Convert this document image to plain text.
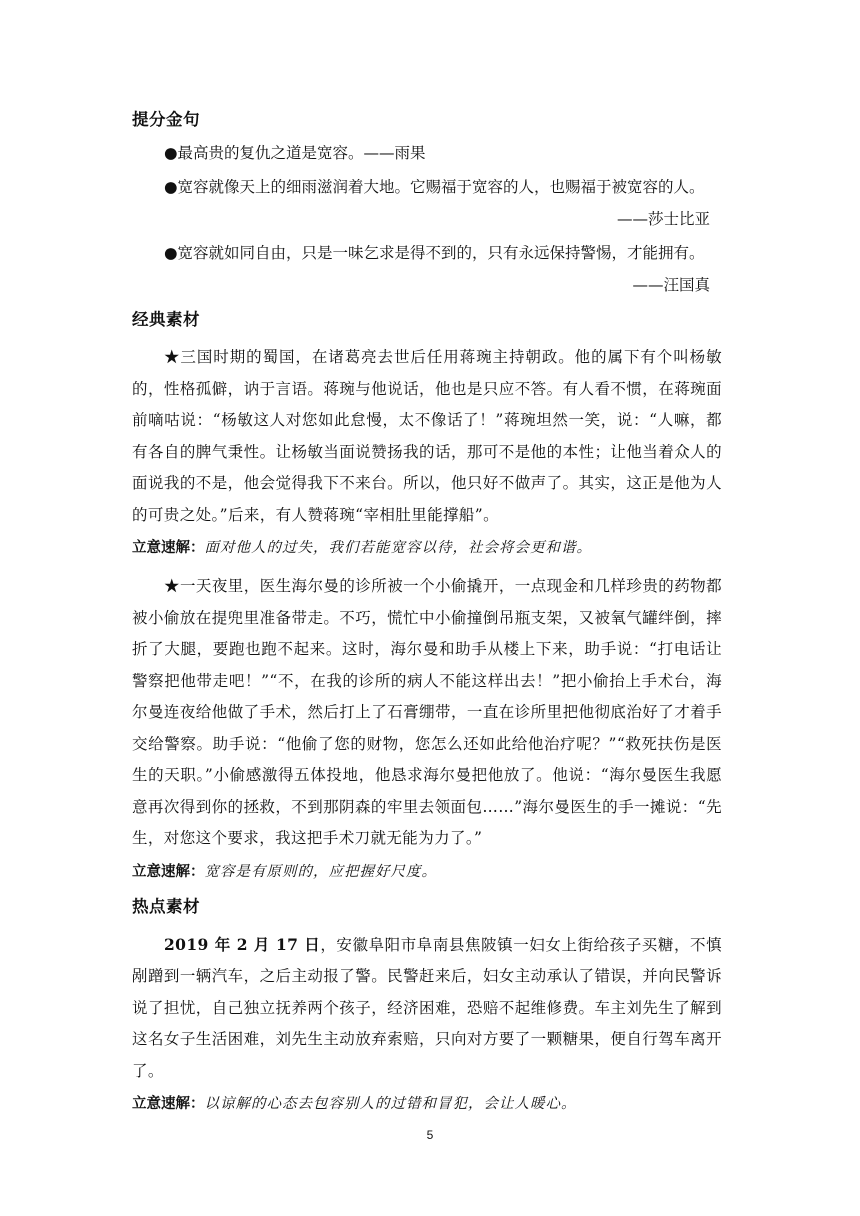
提分金句
●最高贵的复仇之道是宽容。——雨果
●宽容就像天上的细雨滋润着大地。它赐福于宽容的人，也赐福于被宽容的人。
——莎士比亚
●宽容就如同自由，只是一味乞求是得不到的，只有永远保持警惕，才能拥有。
——汪国真
经典素材
★三国时期的蜀国，在诸葛亮去世后任用蒋琬主持朝政。他的属下有个叫杨敏的，性格孤僻，讷于言语。蒋琬与他说话，他也是只应不答。有人看不惯，在蒋琬面前嘀咕说：“杨敏这人对您如此怠慢，太不像话了！”蒋琬坦然一笑，说：“人嘛，都有各自的脾气秉性。让杨敏当面说赞扬我的话，那可不是他的本性；让他当着众人的面说我的不是，他会觉得我下不来台。所以，他只好不做声了。其实，这正是他为人的可贵之处。”后来，有人赞蒋琬“宰相肚里能撑船”。
立意速解：面对他人的过失，我们若能宽容以待，社会将会更和谐。
★一天夜里，医生海尔曼的诊所被一个小偷撬开，一点现金和几样珍贵的药物都被小偷放在提兜里准备带走。不巧，慌忙中小偷撞倒吊瓶支架，又被氧气罐绊倒，摔折了大腿，要跑也跑不起来。这时，海尔曼和助手从楼上下来，助手说：“打电话让警察把他带走吧！”“不，在我的诊所的病人不能这样出去！”把小偷抬上手术台，海尔曼连夜给他做了手术，然后打上了石膏绷带，一直在诊所里把他彻底治好了才着手交给警察。助手说：“他偷了您的财物，您怎么还如此给他治疗呢？”“救死扶伤是医生的天职。”小偷感激得五体投地，他恳求海尔曼把他放了。他说：“海尔曼医生我愿意再次得到你的拯救，不到那阴森的牢里去领面包……”海尔曼医生的手一摊说：“先生，对您这个要求，我这把手术刀就无能为力了。”
立意速解：宽容是有原则的，应把握好尺度。
热点素材
2019 年 2 月 17 日，安徽阜阳市阜南县焦陂镇一妇女上街给孩子买糖，不慎剐蹭到一辆汽车，之后主动报了警。民警赶来后，妇女主动承认了错误，并向民警诉说了担忧，自己独立抚养两个孩子，经济困难，恐赔不起维修费。车主刘先生了解到这名女子生活困难，刘先生主动放弃索赔，只向对方要了一颗糖果，便自行驾车离开了。
立意速解：以谅解的心态去包容别人的过错和冒犯，会让人暖心。
5
